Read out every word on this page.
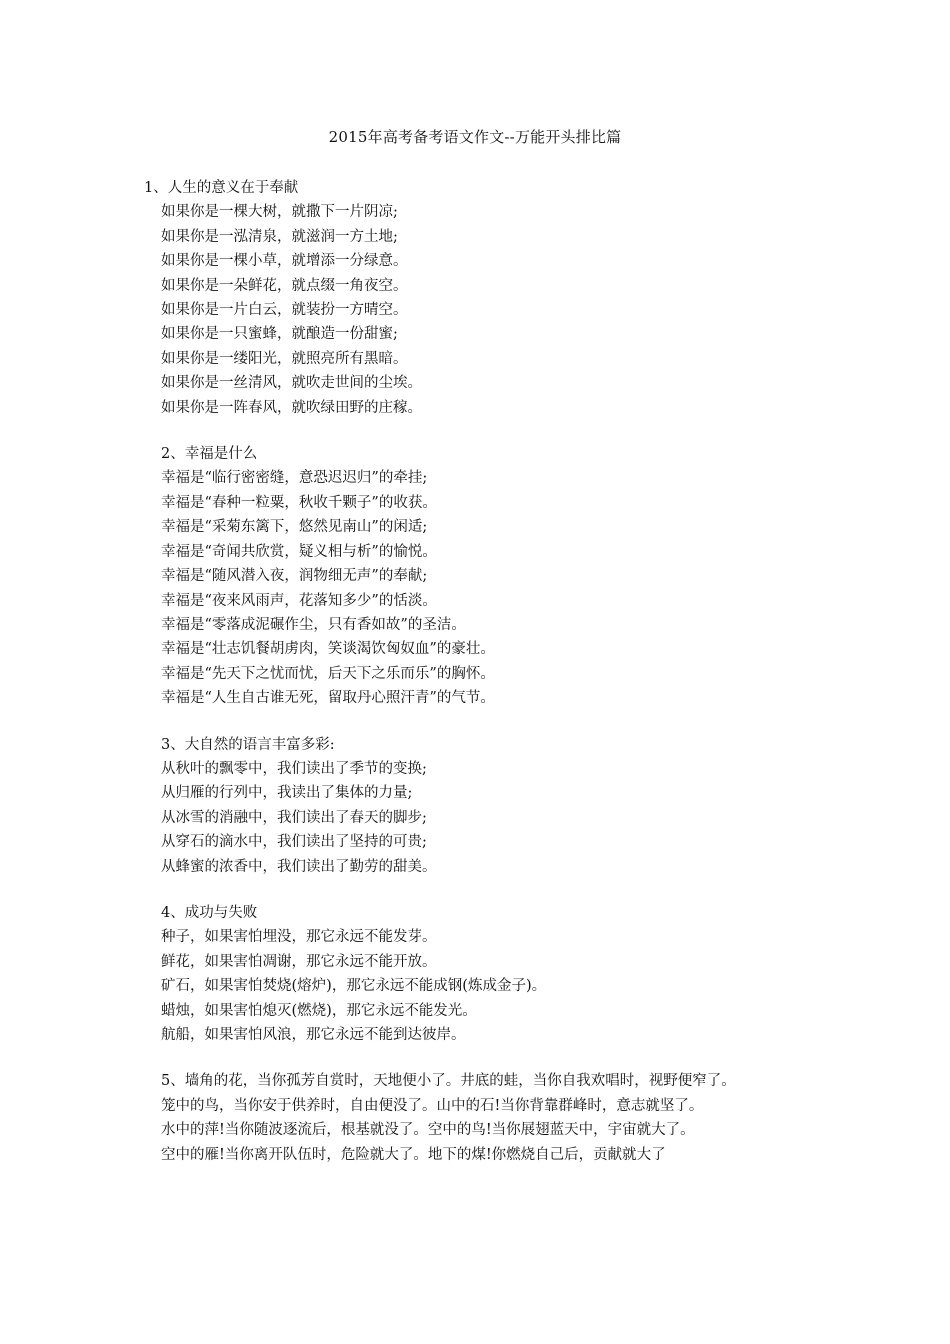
2015年高考备考语文作文--万能开头排比篇
1、人生的意义在于奉献
如果你是一棵大树，就撒下一片阴凉;
如果你是一泓清泉，就滋润一方土地;
如果你是一棵小草，就增添一分绿意。
如果你是一朵鲜花，就点缀一角夜空。
如果你是一片白云，就装扮一方晴空。
如果你是一只蜜蜂，就酿造一份甜蜜;
如果你是一缕阳光，就照亮所有黑暗。
如果你是一丝清风，就吹走世间的尘埃。
如果你是一阵春风，就吹绿田野的庄稼。
2、幸福是什么
幸福是“临行密密缝，意恐迟迟归”的牵挂;
幸福是“春种一粒粟，秋收千颗子”的收获。
幸福是“采菊东篱下，悠然见南山”的闲适;
幸福是“奇闻共欣赏，疑义相与析”的愉悦。
幸福是“随风潜入夜，润物细无声”的奉献;
幸福是“夜来风雨声，花落知多少”的恬淡。
幸福是“零落成泥碾作尘，只有香如故”的圣洁。
幸福是“壮志饥餐胡虏肉，笑谈渴饮匈奴血”的豪壮。
幸福是“先天下之忧而忧，后天下之乐而乐”的胸怀。
幸福是“人生自古谁无死，留取丹心照汗青”的气节。
3、大自然的语言丰富多彩:
从秋叶的飘零中，我们读出了季节的变换;
从归雁的行列中，我读出了集体的力量;
从冰雪的消融中，我们读出了春天的脚步;
从穿石的滴水中，我们读出了坚持的可贵;
从蜂蜜的浓香中，我们读出了勤劳的甜美。
4、成功与失败
种子，如果害怕埋没，那它永远不能发芽。
鲜花，如果害怕凋谢，那它永远不能开放。
矿石，如果害怕焚烧(熔炉)，那它永远不能成钢(炼成金子)。
蜡烛，如果害怕熄灭(燃烧)，那它永远不能发光。
航船，如果害怕风浪，那它永远不能到达彼岸。
5、墙角的花，当你孤芳自赏时，天地便小了。井底的蛙，当你自我欢唱时，视野便窄了。
笼中的鸟，当你安于供养时，自由便没了。山中的石!当你背靠群峰时，意志就坚了。
水中的萍!当你随波逐流后，根基就没了。空中的鸟!当你展翅蓝天中，宇宙就大了。
空中的雁!当你离开队伍时，危险就大了。地下的煤!你燃烧自己后，贡献就大了
